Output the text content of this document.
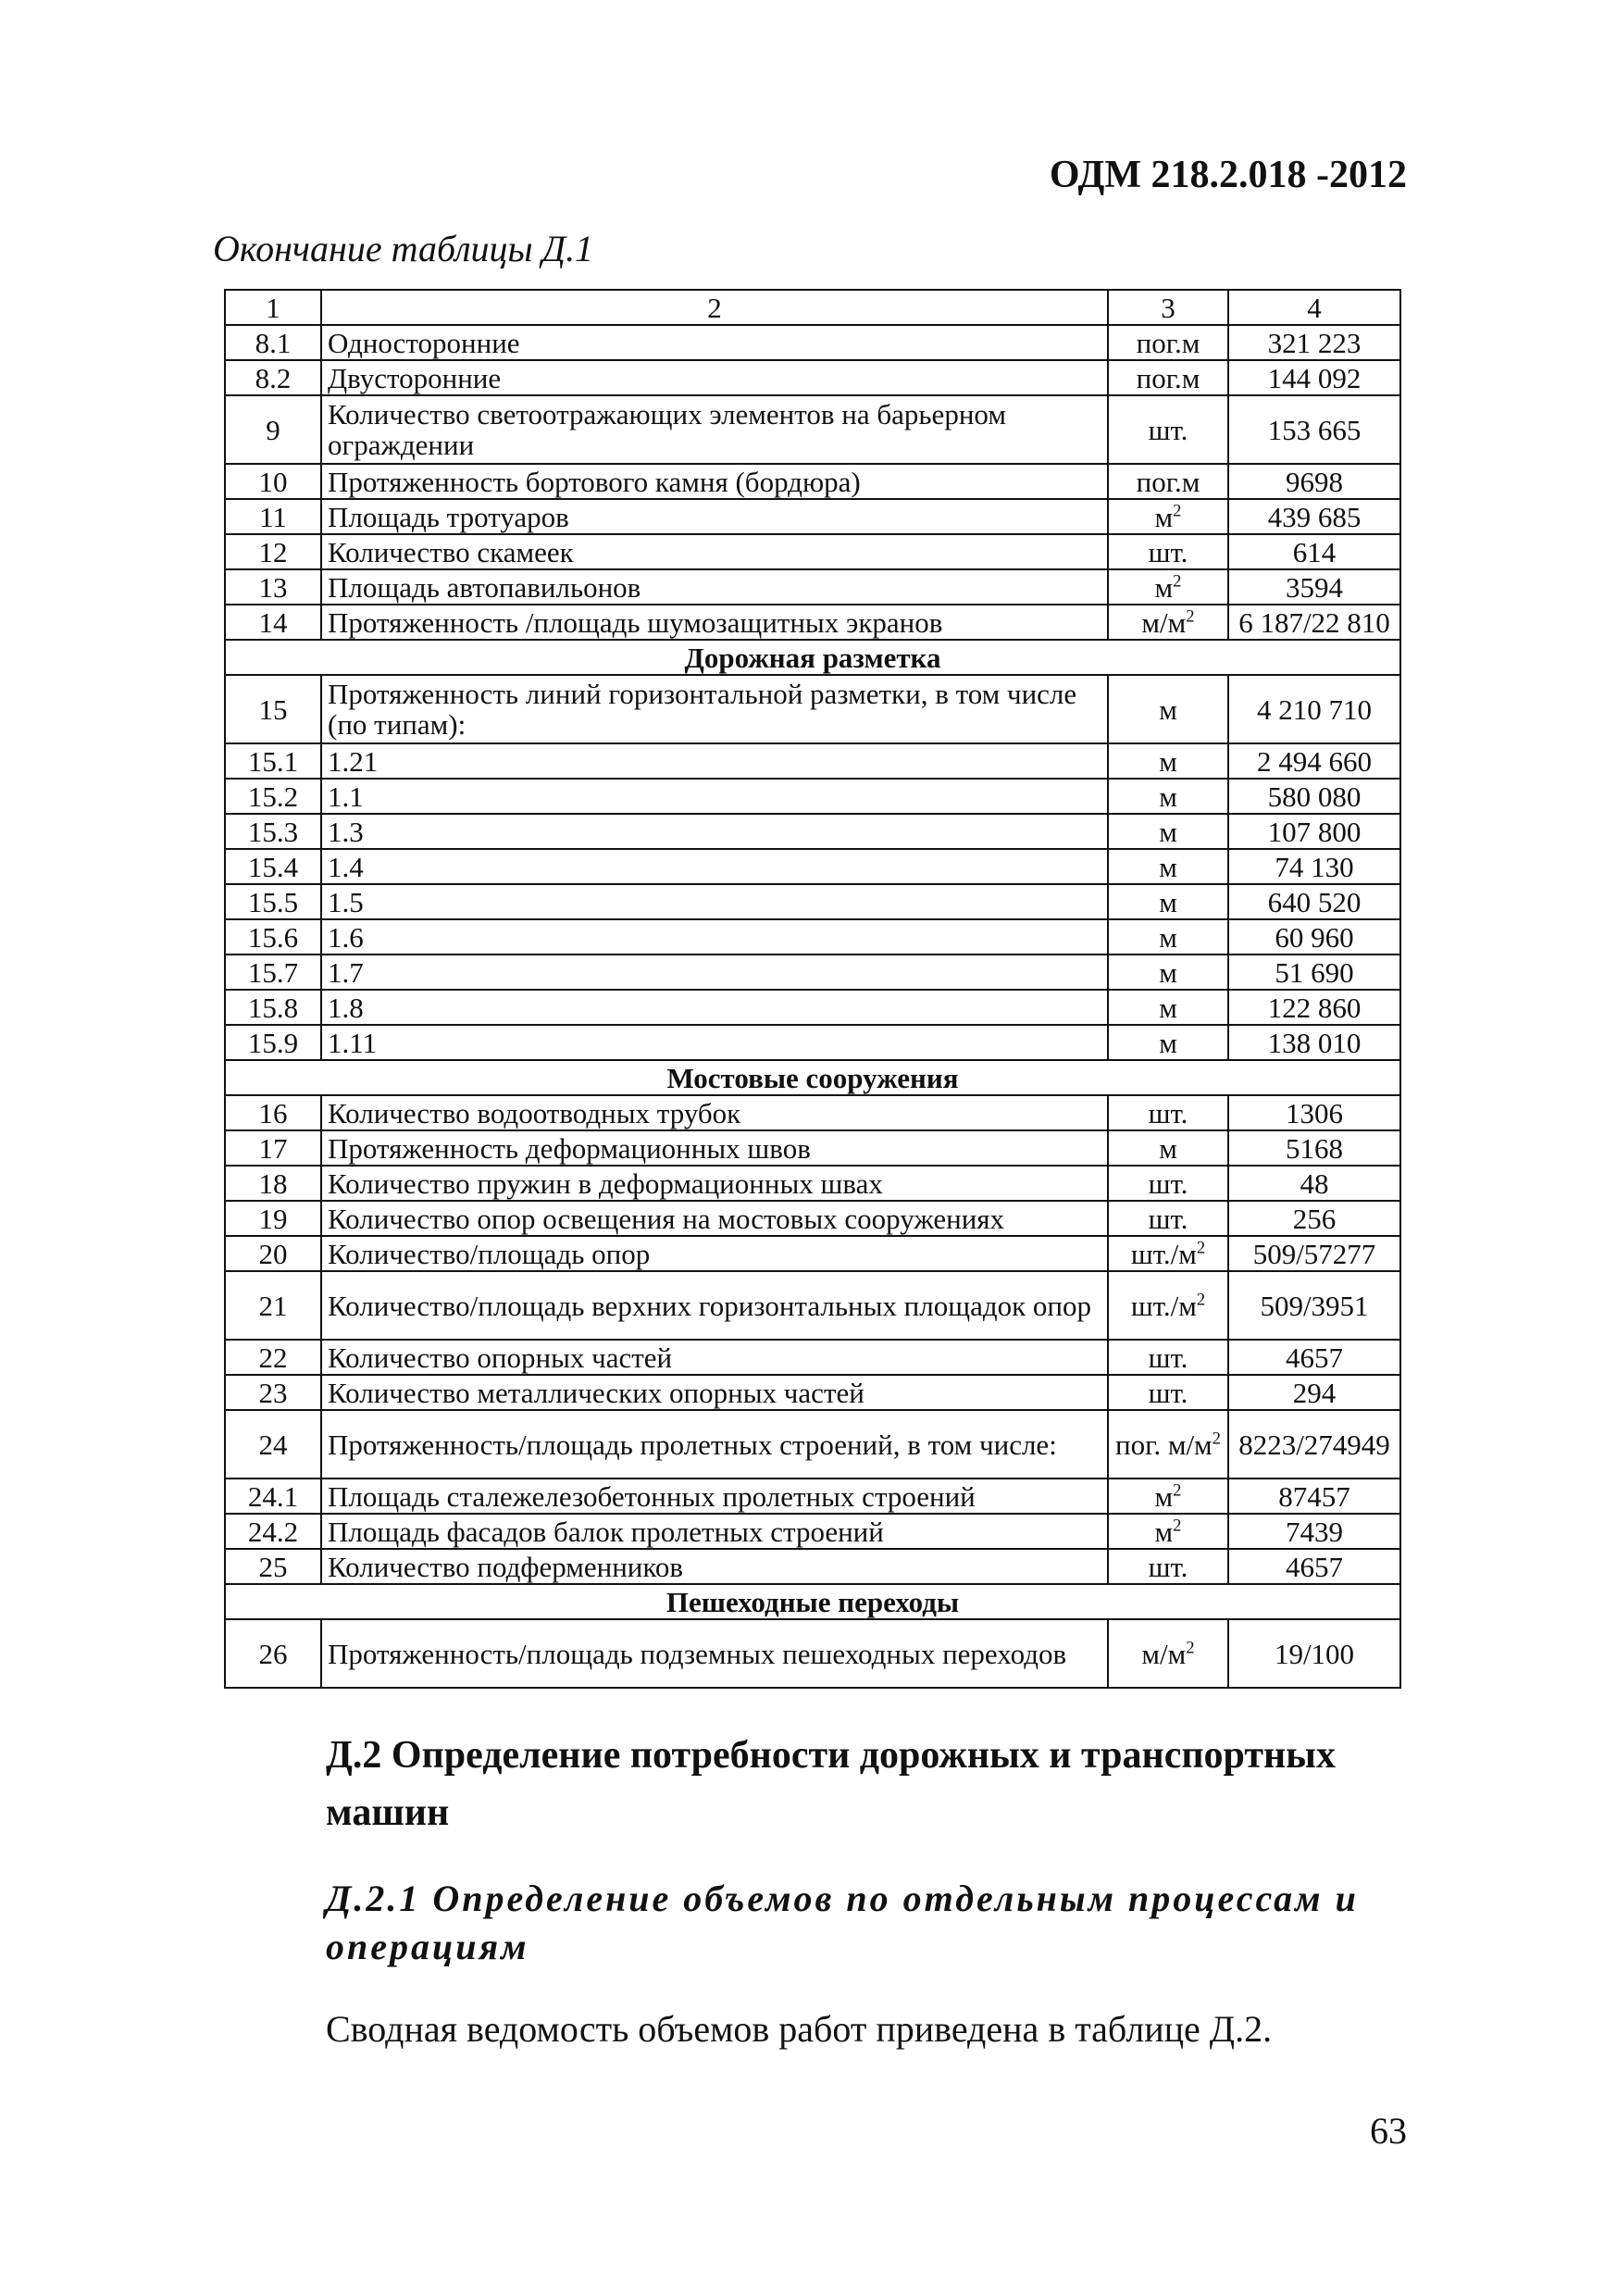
ОДМ 218.2.018 -2012
Окончание таблицы Д.1
1	2	3	4
8.1	Односторонние	пог.м	321 223
8.2	Двусторонние	пог.м	144 092
9	Количество светоотражающих элементов на барьерном ограждении	шт.	153 665
10	Протяженность бортового камня (бордюра)	пог.м	9698
11	Площадь тротуаров	$м^2$	439 685
12	Количество скамеек	шт.	614
13	Площадь автопавильонов	$м^2$	3594
14	Протяженность /площадь шумозащитных экранов	$м/м^2$	6 187/22 810
Дорожная разметка			
15	Протяженность линий горизонтальной разметки, в том числе (по типам):	м	4 210 710
15.1	1.21	м	2 494 660
15.2	1.1	м	580 080
15.3	1.3	м	107 800
15.4	1.4	м	74 130
15.5	1.5	м	640 520
15.6	1.6	м	60 960
15.7	1.7	м	51 690
15.8	1.8	м	122 860
15.9	1.11	м	138 010
Мостовые сооружения			
16	Количество водоотводных трубок	шт.	1306
17	Протяженность деформационных швов	м	5168
18	Количество пружин в деформационных швах	шт.	48
19	Количество опор освещения на мостовых сооружениях	шт.	256
20	Количество/площадь опор	$шт./м^2$	509/57277
21	Количество/площадь верхних горизонтальных площадок опор	$шт./м^2$	509/3951
22	Количество опорных частей	шт.	4657
23	Количество металлических опорных частей	шт.	294
24	Протяженность/площадь пролетных строений, в том числе:	пог. $м/м^2$	8223/274949
24.1	Площадь сталежелезобетонных пролетных строений	$м^2$	87457
24.2	Площадь фасадов балок пролетных строений	$м^2$	7439
25	Количество подферменников	шт.	4657
Пешеходные переходы			
26	Протяженность/площадь подземных пешеходных переходов	$м/м^2$	19/100
Д.2 Определение потребности дорожных и транспортных машин
Д.2.1 Определение объемов по отдельным процессам и операциям
Сводная ведомость объемов работ приведена в таблице Д.2.
63
